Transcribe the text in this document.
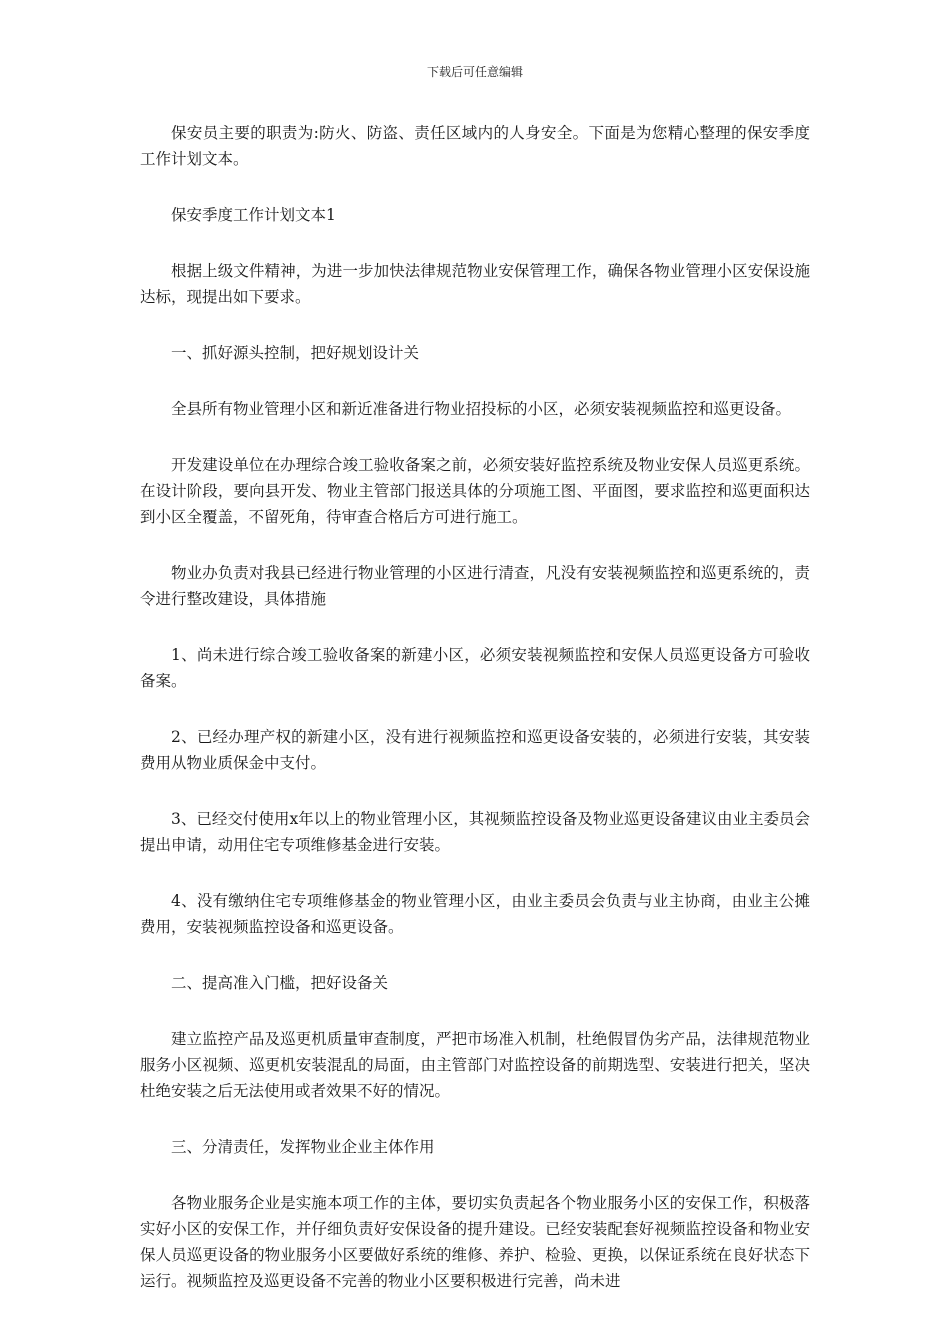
下载后可任意编辑

保安员主要的职责为:防火、防盗、责任区域内的人身安全。下面是为您精心整理的保安季度工作计划文本。

保安季度工作计划文本1

根据上级文件精神，为进一步加快法律规范物业安保管理工作，确保各物业管理小区安保设施达标，现提出如下要求。

一、抓好源头控制，把好规划设计关

全县所有物业管理小区和新近准备进行物业招投标的小区，必须安装视频监控和巡更设备。

开发建设单位在办理综合竣工验收备案之前，必须安装好监控系统及物业安保人员巡更系统。在设计阶段，要向县开发、物业主管部门报送具体的分项施工图、平面图，要求监控和巡更面积达到小区全覆盖，不留死角，待审查合格后方可进行施工。

物业办负责对我县已经进行物业管理的小区进行清查，凡没有安装视频监控和巡更系统的，责令进行整改建设，具体措施

1、尚未进行综合竣工验收备案的新建小区，必须安装视频监控和安保人员巡更设备方可验收备案。

2、已经办理产权的新建小区，没有进行视频监控和巡更设备安装的，必须进行安装，其安装费用从物业质保金中支付。

3、已经交付使用x年以上的物业管理小区，其视频监控设备及物业巡更设备建议由业主委员会提出申请，动用住宅专项维修基金进行安装。

4、没有缴纳住宅专项维修基金的物业管理小区，由业主委员会负责与业主协商，由业主公摊费用，安装视频监控设备和巡更设备。

二、提高准入门槛，把好设备关

建立监控产品及巡更机质量审查制度，严把市场准入机制，杜绝假冒伪劣产品，法律规范物业服务小区视频、巡更机安装混乱的局面，由主管部门对监控设备的前期选型、安装进行把关，坚决杜绝安装之后无法使用或者效果不好的情况。

三、分清责任，发挥物业企业主体作用

各物业服务企业是实施本项工作的主体，要切实负责起各个物业服务小区的安保工作，积极落实好小区的安保工作，并仔细负责好安保设备的提升建设。已经安装配套好视频监控设备和物业安保人员巡更设备的物业服务小区要做好系统的维修、养护、检验、更换，以保证系统在良好状态下运行。视频监控及巡更设备不完善的物业小区要积极进行完善，尚未进
